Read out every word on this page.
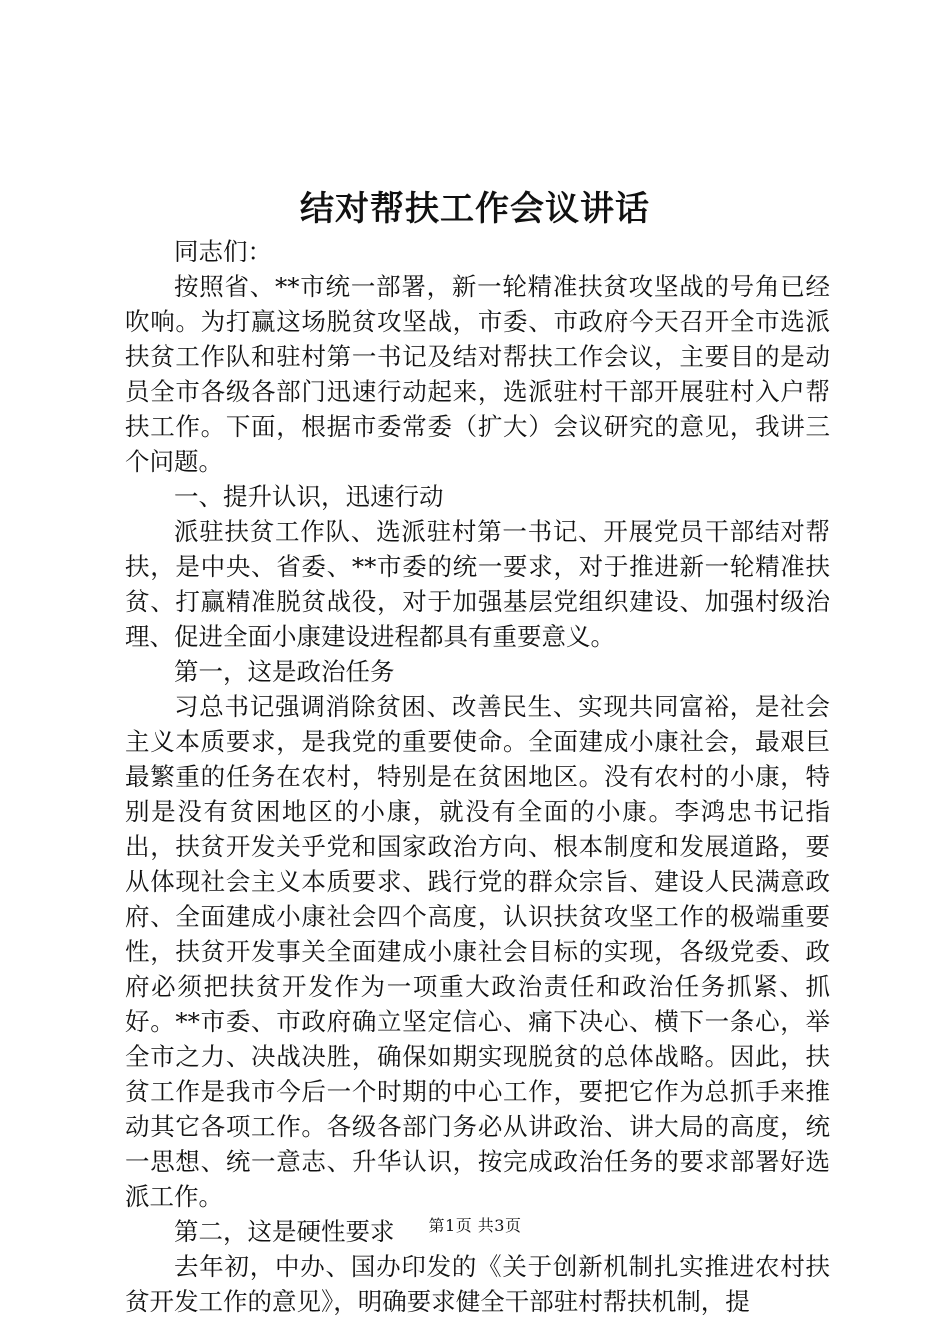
结对帮扶工作会议讲话

同志们：

按照省、**市统一部署，新一轮精准扶贫攻坚战的号角已经吹响。为打赢这场脱贫攻坚战，市委、市政府今天召开全市选派扶贫工作队和驻村第一书记及结对帮扶工作会议，主要目的是动员全市各级各部门迅速行动起来，选派驻村干部开展驻村入户帮扶工作。下面，根据市委常委（扩大）会议研究的意见，我讲三个问题。

一、提升认识，迅速行动

派驻扶贫工作队、选派驻村第一书记、开展党员干部结对帮扶，是中央、省委、**市委的统一要求，对于推进新一轮精准扶贫、打赢精准脱贫战役，对于加强基层党组织建设、加强村级治理、促进全面小康建设进程都具有重要意义。

第一，这是政治任务

习总书记强调消除贫困、改善民生、实现共同富裕，是社会主义本质要求，是我党的重要使命。全面建成小康社会，最艰巨最繁重的任务在农村，特别是在贫困地区。没有农村的小康，特别是没有贫困地区的小康，就没有全面的小康。李鸿忠书记指出，扶贫开发关乎党和国家政治方向、根本制度和发展道路，要从体现社会主义本质要求、践行党的群众宗旨、建设人民满意政府、全面建成小康社会四个高度，认识扶贫攻坚工作的极端重要性，扶贫开发事关全面建成小康社会目标的实现，各级党委、政府必须把扶贫开发作为一项重大政治责任和政治任务抓紧、抓好。**市委、市政府确立坚定信心、痛下决心、横下一条心，举全市之力、决战决胜，确保如期实现脱贫的总体战略。因此，扶贫工作是我市今后一个时期的中心工作，要把它作为总抓手来推动其它各项工作。各级各部门务必从讲政治、讲大局的高度，统一思想、统一意志、升华认识，按完成政治任务的要求部署好选派工作。

第二，这是硬性要求

去年初，中办、国办印发的《关于创新机制扎实推进农村扶贫开发工作的意见》，明确要求健全干部驻村帮扶机制，提

第1页 共3页
